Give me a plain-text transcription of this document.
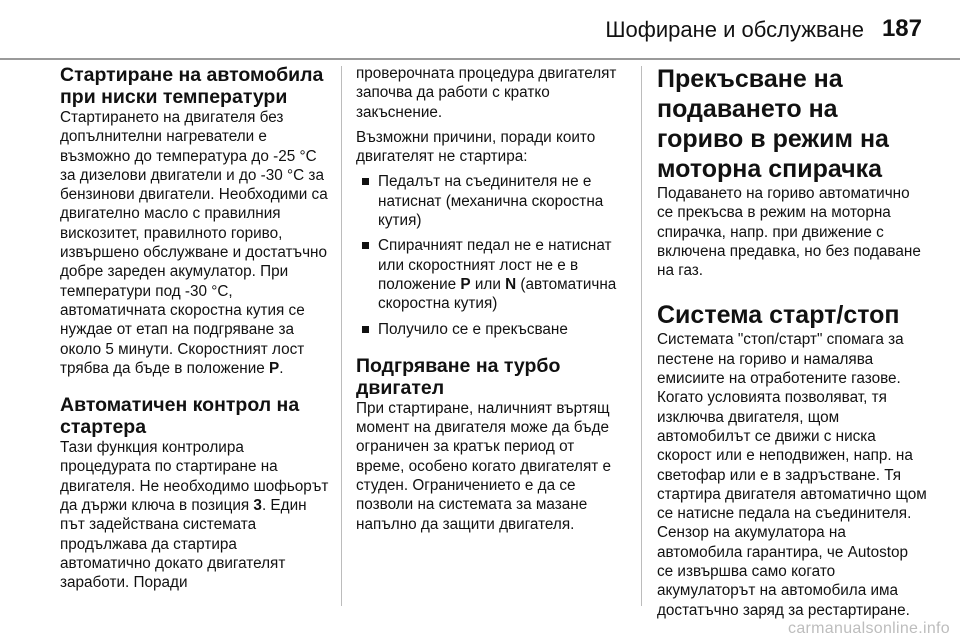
Шофиране и обслужване 187
Стартиране на автомобила при ниски температури

Стартирането на двигателя без допълнителни нагреватели е възможно до температура до -25 °C за дизелови двигатели и до -30 °C за бензинови двигатели. Необходими са двигателно масло с правилния вискозитет, правилното гориво, извършено обслужване и достатъчно добре зареден акумулатор. При температури под -30 °C, автоматичната скоростна кутия се нуждае от етап на подгряване за около 5 минути. Скоростният лост трябва да бъде в положение P.

Автоматичен контрол на стартера

Тази функция контролира процедурата по стартиране на двигателя. Не необходимо шофьорът да държи ключа в позиция 3. Един път задействана системата продължава да стартира автоматично докато двигателят заработи. Поради

проверочната процедура двигателят започва да работи с кратко закъснение.

Възможни причини, поради които двигателят не стартира:

Педалът на съединителя не е натиснат (механична скоростна кутия)
Спирачният педал не е натиснат или скоростният лост не е в положение P или N (автоматична скоростна кутия)
Получило се е прекъсване
Подгряване на турбо двигател

При стартиране, наличният въртящ момент на двигателя може да бъде ограничен за кратък период от време, особено когато двигателят е студен. Ограничението е да се позволи на системата за мазане напълно да защити двигателя.

Прекъсване на подаването на гориво в режим на моторна спирачка

Подаването на гориво автоматично се прекъсва в режим на моторна спирачка, напр. при движение с включена предавка, но без подаване на газ.

Система старт/стоп

Системата "стоп/старт" спомага за пестене на гориво и намалява емисиите на отработените газове. Когато условията позволяват, тя изключва двигателя, щом автомобилът се движи с ниска скорост или е неподвижен, напр. на светофар или е в задръстване. Тя стартира двигателя автоматично щом се натисне педала на съединителя. Сензор на акумулатора на автомобила гарантира, че Autostop се извършва само когато акумулаторът на автомобила има достатъчно заряд за рестартиране.

carmanualsonline.info
